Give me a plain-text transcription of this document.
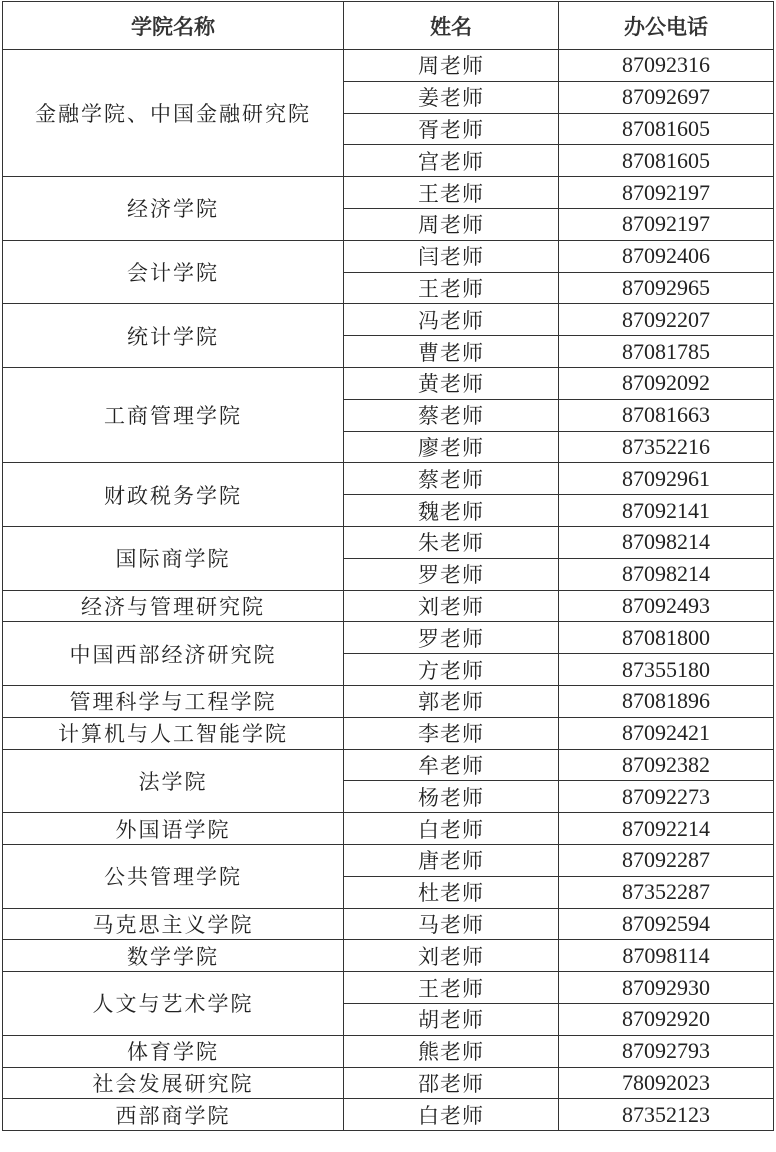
学院名称	姓名	办公电话
金融学院、中国金融研究院	周老师	87092316
	姜老师	87092697
	胥老师	87081605
	宫老师	87081605
经济学院	王老师	87092197
	周老师	87092197
会计学院	闫老师	87092406
	王老师	87092965
统计学院	冯老师	87092207
	曹老师	87081785
工商管理学院	黄老师	87092092
	蔡老师	87081663
	廖老师	87352216
财政税务学院	蔡老师	87092961
	魏老师	87092141
国际商学院	朱老师	87098214
	罗老师	87098214
经济与管理研究院	刘老师	87092493
中国西部经济研究院	罗老师	87081800
	方老师	87355180
管理科学与工程学院	郭老师	87081896
计算机与人工智能学院	李老师	87092421
法学院	牟老师	87092382
	杨老师	87092273
外国语学院	白老师	87092214
公共管理学院	唐老师	87092287
	杜老师	87352287
马克思主义学院	马老师	87092594
数学学院	刘老师	87098114
人文与艺术学院	王老师	87092930
	胡老师	87092920
体育学院	熊老师	87092793
社会发展研究院	邵老师	78092023
西部商学院	白老师	87352123
